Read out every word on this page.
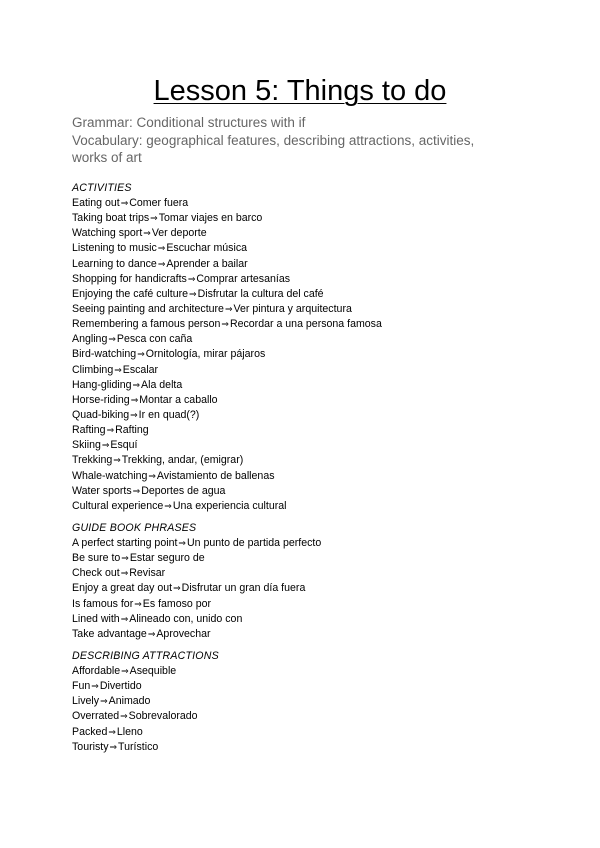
Lesson 5: Things to do
Grammar: Conditional structures with if
Vocabulary: geographical features, describing attractions, activities,
works of art
ACTIVITIES
Eating out⇒Comer fuera
Taking boat trips⇒Tomar viajes en barco
Watching sport⇒Ver deporte
Listening to music⇒Escuchar música
Learning to dance⇒Aprender a bailar
Shopping for handicrafts⇒Comprar artesanías
Enjoying the café culture⇒Disfrutar la cultura del café
Seeing painting and architecture⇒Ver pintura y arquitectura
Remembering a famous person⇒Recordar a una persona famosa
Angling⇒Pesca con caña
Bird-watching⇒Ornitología, mirar pájaros
Climbing⇒Escalar
Hang-gliding⇒Ala delta
Horse-riding⇒Montar a caballo
Quad-biking⇒Ir en quad(?)
Rafting⇒Rafting
Skiing⇒Esquí
Trekking⇒Trekking, andar, (emigrar)
Whale-watching⇒Avistamiento de ballenas
Water sports⇒Deportes de agua
Cultural experience⇒Una experiencia cultural
GUIDE BOOK PHRASES
A perfect starting point⇒Un punto de partida perfecto
Be sure to⇒Estar seguro de
Check out⇒Revisar
Enjoy a great day out⇒Disfrutar un gran día fuera
Is famous for⇒Es famoso por
Lined with⇒Alineado con, unido con
Take advantage⇒Aprovechar
DESCRIBING ATTRACTIONS
Affordable⇒Asequible
Fun⇒Divertido
Lively⇒Animado
Overrated⇒Sobrevalorado
Packed⇒Lleno
Touristy⇒Turístico
